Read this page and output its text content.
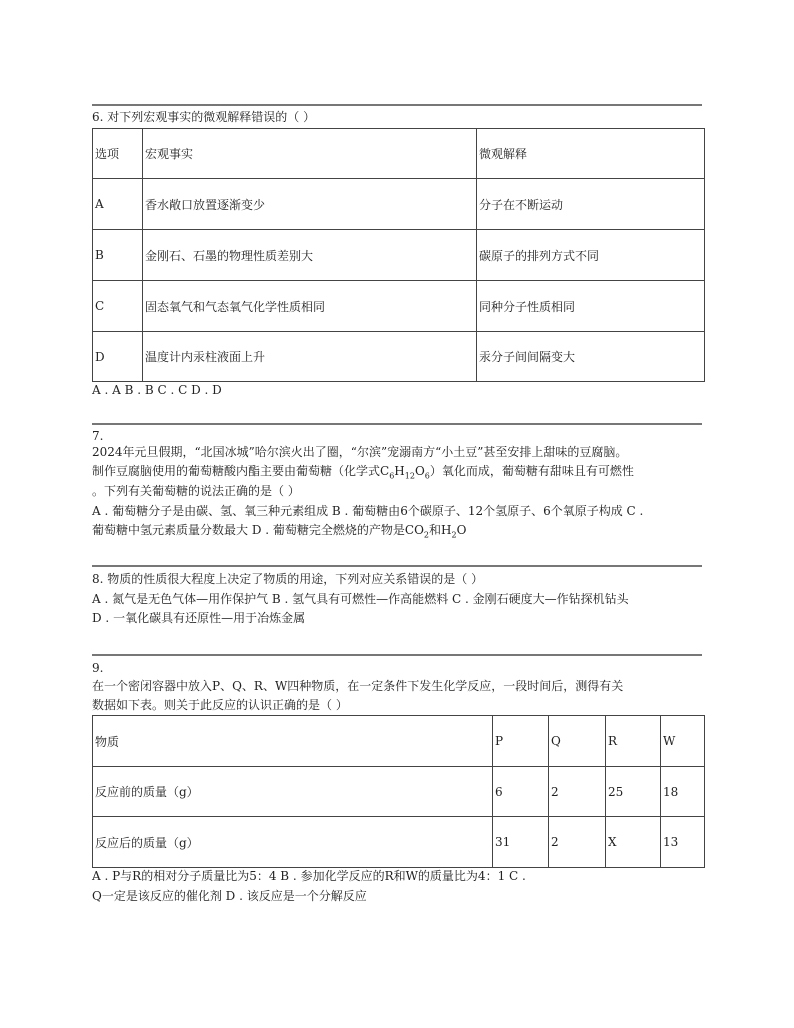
6. 对下列宏观事实的微观解释错误的（ ）
选项	宏观事实	微观解释
A	香水敞口放置逐渐变少	分子在不断运动
B	金刚石、石墨的物理性质差别大	碳原子的排列方式不同
C	固态氧气和气态氧气化学性质相同	同种分子性质相同
D	温度计内汞柱液面上升	汞分子间间隔变大
A . A B . B C . C D . D
7.
2024年元旦假期，“北国冰城”哈尔滨火出了圈，“尔滨”宠溺南方“小土豆”甚至安排上甜味的豆腐脑。
制作豆腐脑使用的葡萄糖酸内酯主要由葡萄糖（化学式$C_6H_{12}O_6$）氧化而成，葡萄糖有甜味且有可燃性
。下列有关葡萄糖的说法正确的是（ ）
A . 葡萄糖分子是由碳、氢、氧三种元素组成 B . 葡萄糖由6个碳原子、12个氢原子、6个氧原子构成 C .
葡萄糖中氢元素质量分数最大 D . 葡萄糖完全燃烧的产物是$CO_2$和$H_2O$
8. 物质的性质很大程度上决定了物质的用途，下列对应关系错误的是（ ）
A . 氮气是无色气体—用作保护气 B . 氢气具有可燃性—作高能燃料 C . 金刚石硬度大—作钻探机钻头
D . 一氧化碳具有还原性—用于冶炼金属
9.
在一个密闭容器中放入P、Q、R、W四种物质，在一定条件下发生化学反应，一段时间后，测得有关
数据如下表。则关于此反应的认识正确的是（ ）
物质	P	Q	R	W
反应前的质量（g）	6	2	25	18
反应后的质量（g）	31	2	X	13
A . P与R的相对分子质量比为5：4 B . 参加化学反应的R和W的质量比为4：1 C .
Q一定是该反应的催化剂 D . 该反应是一个分解反应
